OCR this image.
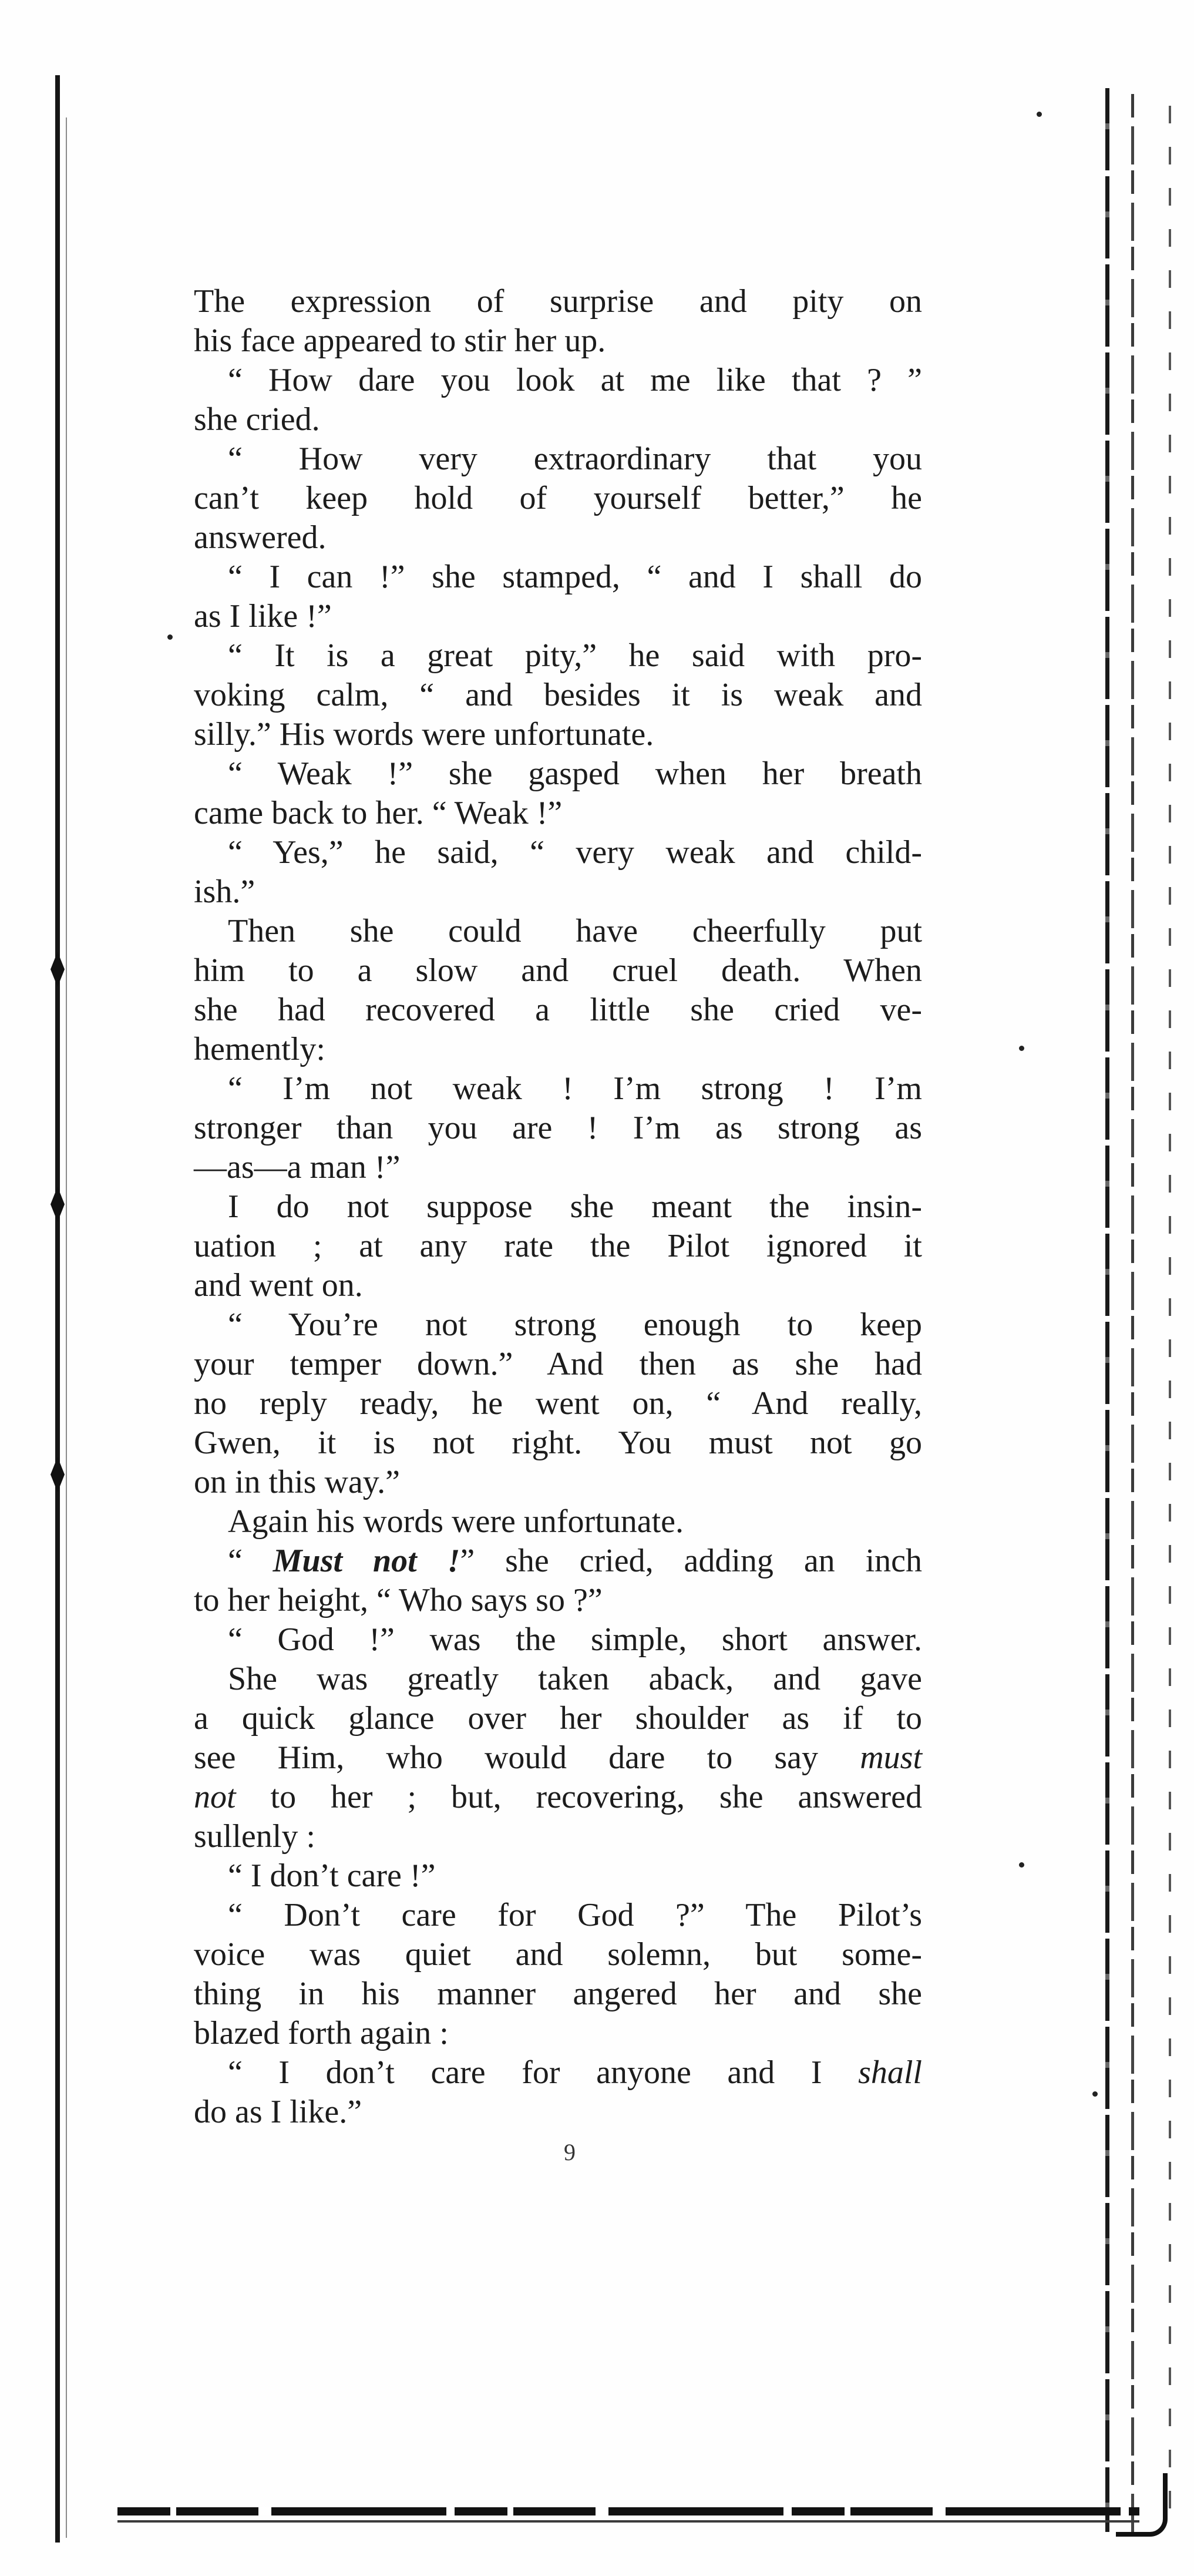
The expression of surprise and pity on
his face appeared to stir her up.
“ How dare you look at me like that ? ”
she cried.
“ How very extraordinary that you
can’t keep hold of yourself better,” he
answered.
“ I can !” she stamped, “ and I shall do
as I like !”
“ It is a great pity,” he said with pro-
voking calm, “ and besides it is weak and
silly.” His words were unfortunate.
“ Weak !” she gasped when her breath
came back to her. “ Weak !”
“ Yes,” he said, “ very weak and child-
ish.”
Then she could have cheerfully put
him to a slow and cruel death. When
she had recovered a little she cried ve-
hemently:
“ I’m not weak ! I’m strong ! I’m
stronger than you are ! I’m as strong as
—as—a man !”
I do not suppose she meant the insin-
uation ; at any rate the Pilot ignored it
and went on.
“ You’re not strong enough to keep
your temper down.” And then as she had
no reply ready, he went on, “ And really,
Gwen, it is not right. You must not go
on in this way.”
Again his words were unfortunate.
“ Must not !” she cried, adding an inch
to her height, “ Who says so ?”
“ God !” was the simple, short answer.
She was greatly taken aback, and gave
a quick glance over her shoulder as if to
see Him, who would dare to say must
not to her ; but, recovering, she answered
sullenly :
“ I don’t care !”
“ Don’t care for God ?” The Pilot’s
voice was quiet and solemn, but some-
thing in his manner angered her and she
blazed forth again :
“ I don’t care for anyone and I shall
do as I like.”
9
